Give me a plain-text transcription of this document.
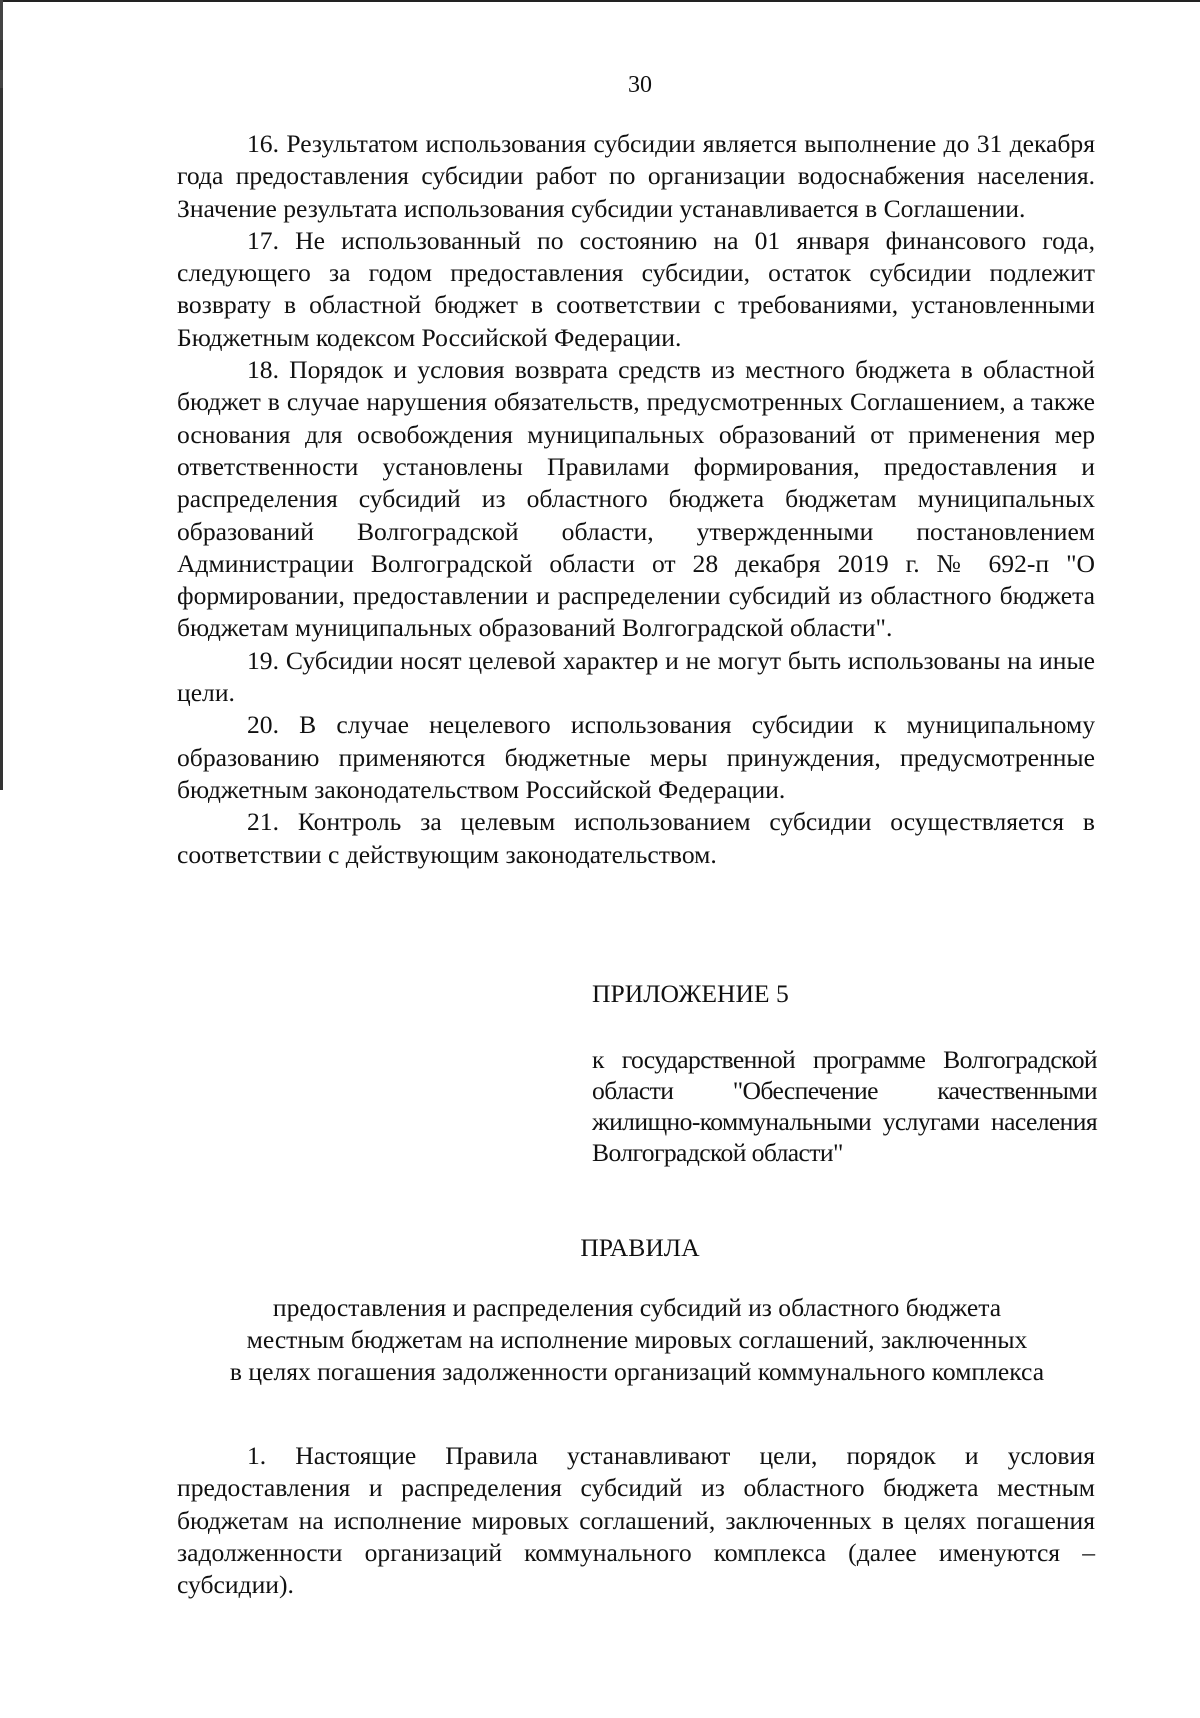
30

16. Результатом использования субсидии является выполнение до 31 декабря года предоставления субсидии работ по организации водоснабжения населения. Значение результата использования субсидии устанавливается в Соглашении.

17. Не использованный по состоянию на 01 января финансового года, следующего за годом предоставления субсидии, остаток субсидии подлежит возврату в областной бюджет в соответствии с требованиями, установленными Бюджетным кодексом Российской Федерации.

18. Порядок и условия возврата средств из местного бюджета в областной бюджет в случае нарушения обязательств, предусмотренных Соглашением, а также основания для освобождения муниципальных образований от применения мер ответственности установлены Правилами формирования, предоставления и распределения субсидий из областного бюджета бюджетам муниципальных образований Волгоградской области, утвержденными постановлением Администрации Волгоградской области от 28 декабря 2019 г. № 692-п "О формировании, предоставлении и распределении субсидий из областного бюджета бюджетам муниципальных образований Волгоградской области".

19. Субсидии носят целевой характер и не могут быть использованы на иные цели.

20. В случае нецелевого использования субсидии к муниципальному образованию применяются бюджетные меры принуждения, предусмотренные бюджетным законодательством Российской Федерации.

21. Контроль за целевым использованием субсидии осуществляется в соответствии с действующим законодательством.

ПРИЛОЖЕНИЕ 5

к государственной программе Волгоградской области "Обеспечение качественными жилищно-коммунальными услугами населения Волгоградской области"

ПРАВИЛА

предоставления и распределения субсидий из областного бюджета
местным бюджетам на исполнение мировых соглашений, заключенных
в целях погашения задолженности организаций коммунального комплекса

1. Настоящие Правила устанавливают цели, порядок и условия предоставления и распределения субсидий из областного бюджета местным бюджетам на исполнение мировых соглашений, заключенных в целях погашения задолженности организаций коммунального комплекса (далее именуются – субсидии).
